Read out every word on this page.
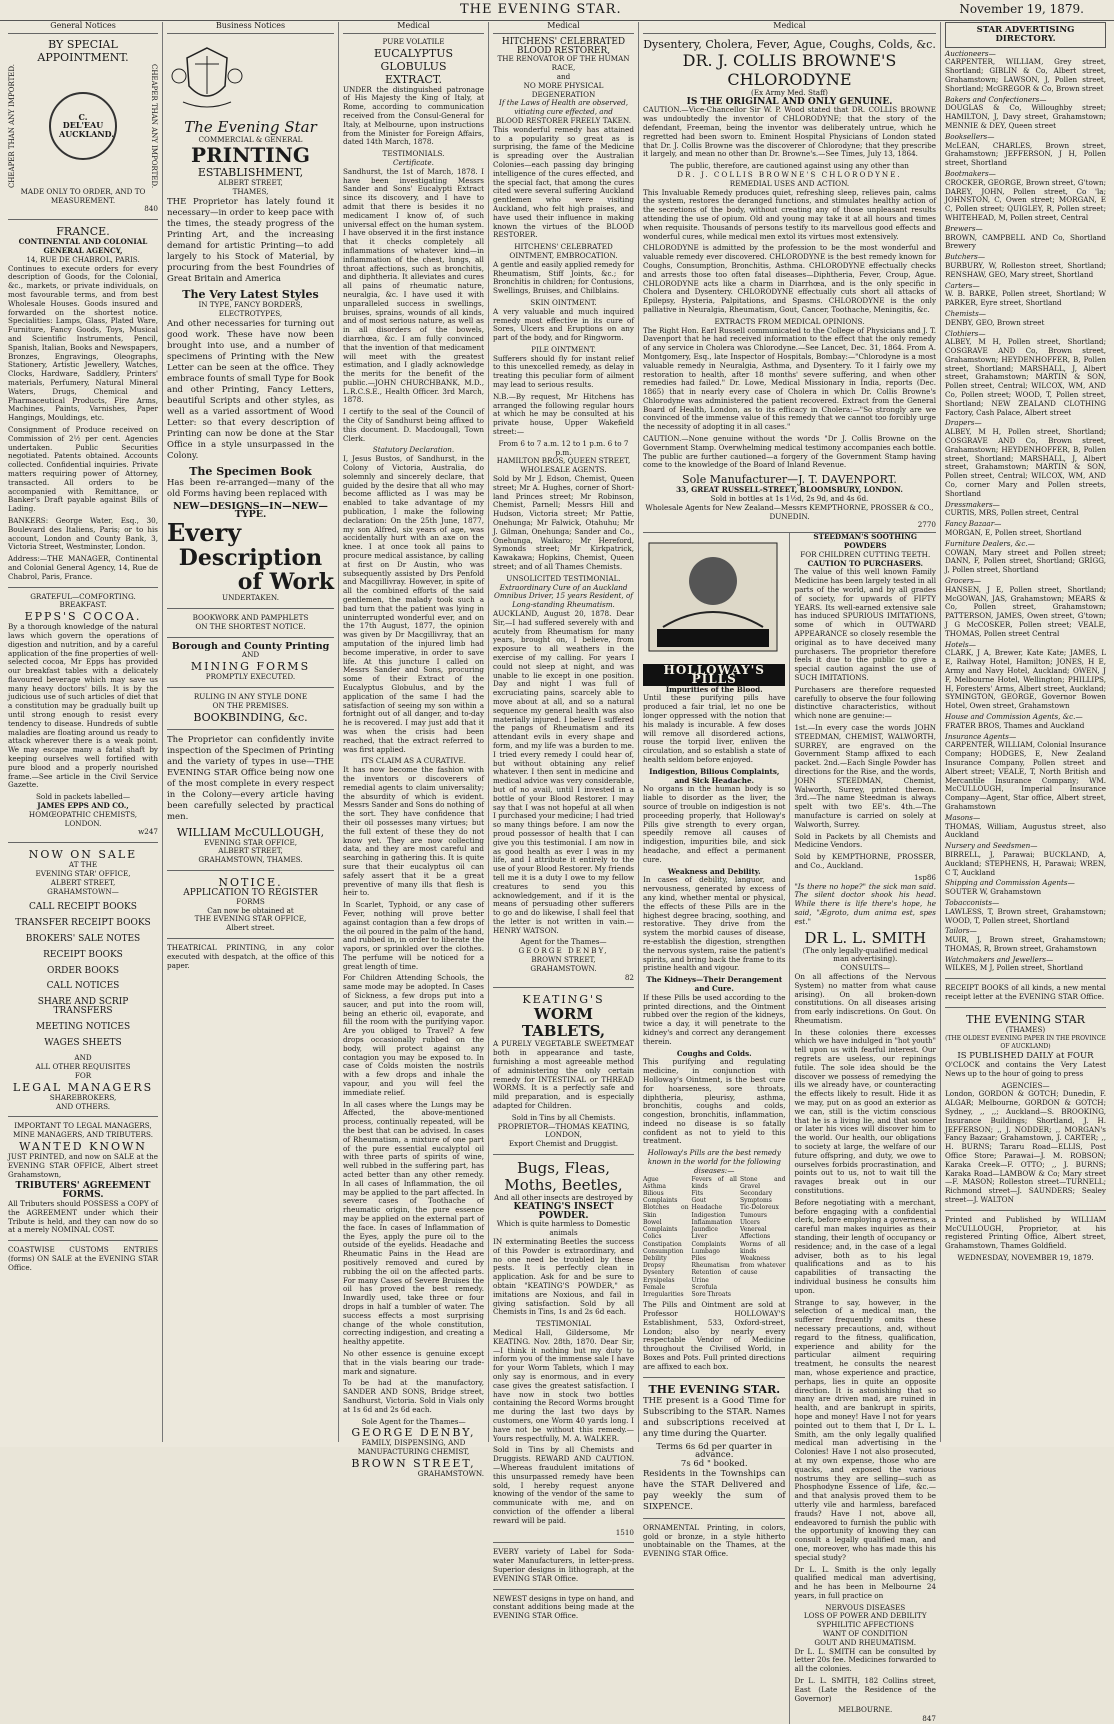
THE EVENING STAR.	November 19, 1879.
General Notices
BY SPECIAL APPOINTMENT.
CHEAPER THAN ANY IMPORTED.	C. DEL'EAU AUCKLAND.	CHEAPER THAN ANY IMPORTED.
MADE ONLY TO ORDER, AND TO MEASUREMENT.
840
FRANCE.
CONTINENTAL AND COLONIAL GENERAL AGENCY,
14, RUE DE CHABROL, PARIS.

Continues to execute orders for every description of Goods, for the Colonial, &c., markets, or private individuals, on most favourable terms, and from best Wholesale Houses. Goods insured and forwarded on the shortest notice. Specialities: Lamps, Glass, Plated Ware, Furniture, Fancy Goods, Toys, Musical and Scientific Instruments, Pencil, Spanish, Italian, Books and Newspapers, Bronzes, Engravings, Oleographs, Stationery, Artistic Jewellery, Watches, Clocks, Hardware, Saddlery, Printers' materials, Perfumery, Natural Mineral Waters, Drugs, Chemical and Pharmaceutical Products, Fire Arms, Machines, Paints, Varnishes, Paper Hangings, Mouldings, etc.

Consignment of Produce received on Commission of 2½ per cent. Agencies undertaken. Public Securities negotiated. Patents obtained. Accounts collected. Confidential inquiries. Private matters requiring power of Attorney, transacted. All orders to be accompanied with Remittance, or Banker's Draft payable against Bills of Lading.

BANKERS: George Water, Esq., 30, Boulevard des Italiens, Paris; or to his account, London and County Bank, 3, Victoria Street, Westminster, London.

Address:—THE MANAGER, Continental and Colonial General Agency, 14, Rue de Chabrol, Paris, France.

GRATEFUL—COMFORTING.
BREAKFAST.
EPPS'S COCOA.

By a thorough knowledge of the natural laws which govern the operations of digestion and nutrition, and by a careful application of the fine properties of well-selected cocoa, Mr Epps has provided our breakfast tables with a delicately flavoured beverage which may save us many heavy doctors' bills. It is by the judicious use of such articles of diet that a constitution may be gradually built up until strong enough to resist every tendency to disease. Hundreds of subtle maladies are floating around us ready to attack wherever there is a weak point. We may escape many a fatal shaft by keeping ourselves well fortified with pure blood and a properly nourished frame.—See article in the Civil Service Gazette.

Sold in packets labelled—
JAMES EPPS AND CO.,
HOMŒOPATHIC CHEMISTS,
LONDON.
w247
NOW ON SALE
AT THE
EVENING STAR' OFFICE,
ALBERT STREET,
GRAHAMSTOWN—
CALL RECEIPT BOOKS
TRANSFER RECEIPT BOOKS
BROKERS' SALE NOTES
RECEIPT BOOKS
ORDER BOOKS
CALL NOTICES
SHARE AND SCRIP TRANSFERS
MEETING NOTICES
WAGES SHEETS
AND
ALL OTHER REQUISITES
FOR
LEGAL MANAGERS
SHAREBROKERS,
AND OTHERS.
IMPORTANT TO LEGAL MANAGERS, MINE MANAGERS, AND TRIBUTERS.
WANTED KNOWN

JUST PRINTED, and now on SALE at the EVENING STAR OFFICE, Albert street Grahamstown,

TRIBUTERS' AGREEMENT FORMS.

All Tributers should POSSESS a COPY of the AGREEMENT under which their Tribute is held, and they can now do so at a merely NOMINAL COST.

COASTWISE CUSTOMS ENTRIES (forms) ON SALE at the EVENING STAR Office.

Business Notices
The Evening Star
COMMERCIAL & GENERAL
PRINTING
ESTABLISHMENT,
ALBERT STREET,
THAMES,

THE Proprietor has lately found it necessary—in order to keep pace with the times, the steady progress of the Printing Art, and the increasing demand for artistic Printing—to add largely to his Stock of Material, by procuring from the best Foundries of Great Britain and America

The Very Latest Styles
IN TYPE, FANCY BORDERS,
ELECTROTYPES,

And other necessaries for turning out good work. These have now been brought into use, and a number of specimens of Printing with the New Letter can be seen at the office. They embrace founts of small Type for Book and other Printing, Fancy Letters, beautiful Scripts and other styles, as well as a varied assortment of Wood Letter: so that every description of Printing can now be done at the Star Office in a style unsurpassed in the Colony.

The Specimen Book

Has been re-arranged—many of the old Forms having been replaced with

NEW—DESIGNS—IN—NEW—TYPE.
Every
Description
of Work
UNDERTAKEN.
BOOKWORK AND PAMPHLETS
ON THE SHORTEST NOTICE.
Borough and County Printing
AND
MINING FORMS
PROMPTLY EXECUTED.
RULING IN ANY STYLE DONE
ON THE PREMISES.
BOOKBINDING, &c.

The Proprietor can confidently invite inspection of the Specimen of Printing and the variety of types in use—THE EVENING STAR Office being now one of the most complete in every respect in the Colony—every article having been carefully selected by practical men.

WILLIAM McCULLOUGH,
EVENING STAR OFFICE,
ALBERT STREET,
GRAHAMSTOWN, THAMES.
NOTICE.
APPLICATION TO REGISTER
FORMS
Can now be obtained at
THE EVENING STAR OFFICE,
Albert street.

THEATRICAL PRINTING, in any color executed with despatch, at the office of this paper.

Medical
PURE VOLATILE
EUCALYPTUS GLOBULUS
EXTRACT.

UNDER the distinguished patronage of His Majesty the King of Italy, at Rome, according to communication received from the Consul-General for Italy, at Melbourne, upon instructions from the Minister for Foreign Affairs, dated 14th March, 1878.

TESTIMONIALS.
Certificate.

Sandhurst, the 1st of March, 1878. I have been investigating Messrs Sander and Sons' Eucalypti Extract since its discovery, and I have to admit that there is besides it no medicament I know of, of such universal effect on the human system. I have observed it in the first instance that it checks completely all inflammations of whatever kind—in inflammation of the chest, lungs, all throat affections, such as bronchitis, and diphtheria. It alleviates and cures all pains of rheumatic nature, neuralgia, &c. I have used it with unparalleled success in swellings, bruises, sprains, wounds of all kinds, and of most serious nature, as well as in all disorders of the bowels, diarrhœa, &c. I am fully convinced that the invention of that medicament will meet with the greatest estimation, and I gladly acknowledge the merits for the benefit of the public.—JOHN CHURCHBANK, M.D., L.R.C.S.E., Health Officer. 3rd March, 1878.

I certify to the seal of the Council of the City of Sandhurst being affixed to this document. D. Macdougall, Town Clerk.

Statutory Declaration.

I, Jesus Bustos, of Sandhurst, in the Colony of Victoria, Australia, do solemnly and sincerely declare, that guided by the desire that all who may become afflicted as I was may be enabled to take advantage of my publication, I make the following declaration: On the 25th June, 1877, my son Alfred, six years of age, was accidentally hurt with an axe on the knee. I at once took all pains to procure medical assistance, by calling at first on Dr Austin, who was subsequently assisted by Drs Penfold and Macgillivray. However, in spite of all the combined efforts of the said gentlemen, the malady took such a bad turn that the patient was lying in uninterrupted wonderful ever, and on the 17th August, 1877, the opinion was given by Dr Macgillivray, that an amputation of the injured limb had become imperative, in order to save life. At this juncture I called on Messrs Sander and Sons, procuring some of their Extract of the Eucalyptus Globulus, and by the application of the same I had the satisfaction of seeing my son within a fortnight out of all danger, and to-day he is recovered. I may just add that it was when the crisis had been reached, that the extract referred to was first applied.

ITS CLAIM AS A CURATIVE.

It has now become the fashion with the inventors or discoverers of remedial agents to claim universality; the absurdity of which is evident. Messrs Sander and Sons do nothing of the sort. They have confidence that their oil possesses many virtues; but the full extent of these they do not know yet. They are now collecting data, and they are most careful and searching in gathering this. It is quite sure that their eucalyptus oil can safely assert that it be a great preventive of many ills that flesh is heir to.

In Scarlet, Typhoid, or any case of Fever, nothing will prove better against contagion than a few drops of the oil poured in the palm of the hand, and rubbed in, in order to liberate the vapors, or sprinkled over the clothes. The perfume will be noticed for a great length of time.

For Children Attending Schools, the same mode may be adopted. In Cases of Sickness, a few drops put into a saucer, and put into the room will, being an etheric oil, evaporate, and fill the room with the purifying vapor. Are you obliged to Travel? A few drops occasionally rubbed on the body, will protect against any contagion you may be exposed to. In case of Colds moisten the nostrils with a few drops and inhale the vapour, and you will feel the immediate relief.

In all cases where the Lungs may be Affected, the above-mentioned process, continually repeated, will be the best that can be advised. In cases of Rheumatism, a mixture of one part of the pure essential eucalyptol oil with three parts of spirits of wine, well rubbed in the suffering part, has acted better than any other remedy. In all cases of Inflammation, the oil may be applied to the part affected. In severe cases of Toothache of rheumatic origin, the pure essence may be applied on the external part of the face. In cases of Inflammation of the Eyes, apply the pure oil to the outside of the eyelids. Headache and Rheumatic Pains in the Head are positively removed and cured by rubbing the oil on the affected parts. For many Cases of Severe Bruises the oil has proved the best remedy. Inwardly used, take three or four drops in half a tumbler of water. The success effects a most surprising change of the whole constitution, correcting indigestion, and creating a healthy appetite.

No other essence is genuine except that in the vials bearing our trade-mark and signature.

To be had at the manufactory, SANDER AND SONS, Bridge street, Sandhurst, Victoria. Sold in Vials only at 1s 6d and 2s 6d each.

Sole Agent for the Thames—
GEORGE DENBY,
FAMILY, DISPENSING, AND MANUFACTURING CHEMIST,
BROWN STREET,
GRAHAMSTOWN.
Medical
HITCHENS' CELEBRATED BLOOD RESTORER,
THE RENOVATOR OF THE HUMAN RACE,
and
NO MORE PHYSICAL DEGENERATION
If the Laws of Health are observed, vitiating cure effected, and
BLOOD RESTORER FREELY TAKEN.

This wonderful remedy has attained to a popularity so great as is surprising, the fame of the Medicine is spreading over the Australian Colonies—each passing day bringing intelligence of the cures effected, and the special fact, that among the cures cited were several suffering Auckland gentlemen who were visiting Auckland, who felt high praises, and have used their influence in making known the virtues of the BLOOD RESTORER.

HITCHENS' CELEBRATED OINTMENT, EMBROCATION.

A gentle and easily applied remedy for Rheumatism, Stiff Joints, &c.; for Bronchitis in children; for Contusions, Swellings, Bruises, and Chilblains.

SKIN OINTMENT.

A very valuable and much inquired remedy most effective in its cure of Sores, Ulcers and Eruptions on any part of the body, and for Ringworm.

PILE OINTMENT.

Sufferers should fly for instant relief to this unexcelled remedy, as delay in treating this peculiar form of ailment may lead to serious results.

N.B.—By request, Mr Hitchens has arranged the following regular hours at which he may be consulted at his private house, Upper Wakefield street:—

From 6 to 7 a.m. 12 to 1 p.m. 6 to 7 p.m.
HAMILTON BROS, QUEEN STREET, WHOLESALE AGENTS.

Sold by Mr J. Edson, Chemist, Queen street; Mr A. Hughes, corner of Short-land Princes street; Mr Robinson, Chemist, Parnell; Messrs Hill and Hudson, Victoria street; Mr Pattie, Onehunga; Mr Falwick, Otahuhu; Mr J. Gilman, Onehunga; Sander and Co., Onehunga, Waikaro; Mr Hereford, Symonds street; Mr Kirkpatrick, Kawakawa; Hopkins, Chemist, Queen street; and of all Thames Chemists.

UNSOLICITED TESTIMONIAL.
Extraordinary Cure of an Auckland Omnibus Driver, 15 years Resident, of Long-standing Rheumatism.

AUCKLAND, August 20, 1878. Dear Sir,—I had suffered severely with and acutely from Rheumatism for many years, brought on, I believe, from exposure to all weathers in the exercise of my calling. For years I could not sleep at night, and was unable to lie except in one position. Day and night I was full of excruciating pains, scarcely able to move about at all, and so a natural sequence my general health was also materially injured. I believe I suffered the pangs of Rheumatism and its attendant evils in every shape and form, and my life was a burden to me. I tried every remedy I could hear of, but without obtaining any relief whatever. I then sent in medicine and medical advice was very considerable, but of no avail, until I invested in a bottle of your Blood Restorer. I may say that I was not hopeful at all when I purchased your medicine; I had tried so many things before. I am now the proud possessor of health that I can give you this testimonial. I am now in as good health as ever I was in my life, and I attribute it entirely to the use of your Blood Restorer. My friends tell me it is a duty I owe to my fellow creatures to send you this acknowledgement, and if it is the means of persuading other sufferers to go and do likewise, I shall feel that the letter is not written in vain.—HENRY WATSON.

Agent for the Thames—
GEORGE DENBY,
BROWN STREET,
GRAHAMSTOWN.
82
KEATING'S
WORM TABLETS,

A PURELY VEGETABLE SWEETMEAT both in appearance and taste, furnishing a most agreeable method of administering the only certain remedy for INTESTINAL or THREAD WORMS. It is a perfectly safe and mild preparation, and is especially adapted for Children.

Sold in Tins by all Chemists.
PROPRIETOR—THOMAS KEATING,
LONDON,
Export Chemist and Druggist.
Bugs, Fleas, Moths, Beetles,
And all other insects are destroyed by
KEATING'S INSECT POWDER.
Which is quite harmless to Domestic animals

IN exterminating Beetles the success of this Powder is extraordinary, and no one need be troubled by these pests. It is perfectly clean in application. Ask for and be sure to obtain "KEATING'S POWDER," as imitations are Noxious, and fail in giving satisfaction. Sold by all Chemists in Tins, 1s and 2s 6d each.

TESTIMONIAL

Medical Hall, Gildersome, Mr KEATING. Nov. 28th, 1870. Dear Sir,—I think it nothing but my duty to inform you of the immense sale I have for your Worm Tablets, which I may only say is enormous, and in every case gives the greatest satisfaction. I have now in stock two bottles containing the Record Worms brought me during the last two days by customers, one Worm 40 yards long. I have not be without this remedy.—Yours respectfully, M. A. WALKER.

Sold in Tins by all Chemists and Druggists. REWARD AND CAUTION.—Whereas fraudulent imitations of this unsurpassed remedy have been sold, I hereby request anyone knowing of the vendor of the same to communicate with me, and on conviction of the offender a liberal reward will be paid.

1510

EVERY variety of Label for Soda-water Manufacturers, in letter-press. Superior designs in lithograph, at the EVENING STAR Office.

NEWEST designs in type on hand, and constant additions being made at the EVENING STAR Office.

Medical
Dysentery, Cholera, Fever, Ague, Coughs, Colds, &c.
DR. J. COLLIS BROWNE'S CHLORODYNE
(Ex Army Med. Staff)
IS THE ORIGINAL AND ONLY GENUINE.

CAUTION.—Vice-Chancellor Sir W. P. Wood stated that DR. COLLIS BROWNE was undoubtedly the inventor of CHLORODYNE; that the story of the defendant, Freeman, being the inventor was deliberately untrue, which he regretted had been sworn to. Eminent Hospital Physicians of London stated that Dr. J. Collis Browne was the discoverer of Chlorodyne; that they prescribe it largely, and mean no other than Dr. Browne's.—See Times, July 13, 1864.

The public, therefore, are cautioned against using any other than
DR. J. COLLIS BROWNE'S CHLORODYNE.
REMEDIAL USES AND ACTION.

This Invaluable Remedy produces quiet, refreshing sleep, relieves pain, calms the system, restores the deranged functions, and stimulates healthy action of the secretions of the body, without creating any of those unpleasant results attending the use of opium. Old and young may take it at all hours and times when requisite. Thousands of persons testify to its marvellous good effects and wonderful cures, while medical men extol its virtues most extensively.

CHLORODYNE is admitted by the profession to be the most wonderful and valuable remedy ever discovered. CHLORODYNE is the best remedy known for Coughs, Consumption, Bronchitis, Asthma. CHLORODYNE effectually checks and arrests those too often fatal diseases—Diphtheria, Fever, Croup, Ague. CHLORODYNE acts like a charm in Diarrhœa, and is the only specific in Cholera and Dysentery. CHLORODYNE effectually cuts short all attacks of Epilepsy, Hysteria, Palpitations, and Spasms. CHLORODYNE is the only palliative in Neuralgia, Rheumatism, Gout, Cancer, Toothache, Meningitis, &c.

EXTRACTS FROM MEDICAL OPINIONS.

The Right Hon. Earl Russell communicated to the College of Physicians and J. T. Davenport that he had received information to the effect that the only remedy of any service in Cholera was Chlorodyne.—See Lancet, Dec. 31, 1864. From A. Montgomery, Esq., late Inspector of Hospitals, Bombay:—"Chlorodyne is a most valuable remedy in Neuralgia, Asthma, and Dysentery. To it I fairly owe my restoration to health, after 18 months' severe suffering, and when other remedies had failed." Dr. Lowe, Medical Missionary in India, reports (Dec. 1865) that in nearly every case of Cholera in which Dr. Collis Browne's Chlorodyne was administered the patient recovered. Extract from the General Board of Health, London, as to its efficacy in Cholera:—"So strongly are we convinced of the immense value of this remedy that we cannot too forcibly urge the necessity of adopting it in all cases."

CAUTION.—None genuine without the words "Dr J. Collis Browne on the Government Stamp. Overwhelming medical testimony accompanies each bottle. The public are further cautioned—a forgery of the Government Stamp having come to the knowledge of the Board of Inland Revenue.

Sole Manufacturer—J. T. DAVENPORT.
33, GREAT RUSSELL-STREET, BLOOMSBURY, LONDON.
Sold in bottles at 1s 1½d, 2s 9d, and 4s 6d.
Wholesale Agents for New Zealand—Messrs KEMPTHORNE, PROSSER & CO., DUNEDIN.
2770
HOLLOWAY'S PILLS
Impurities of the Blood.

Until these purifying pills have produced a fair trial, let no one be longer oppressed with the notion that his malady is incurable. A few doses will remove all disordered actions, rouse the torpid liver, enliven the circulation, and so establish a state of health seldom before enjoyed.

Indigestion, Bilious Complaints, and Sick Headache.

No organs in the human body is so liable to disorder as the liver, the source of trouble on indigestion is not proceeding properly, that Holloway's Pills give strength to every organ, speedily remove all causes of indigestion, impurities bile, and sick headache, and effect a permanent cure.

Weakness and Debility.

In cases of debility, languor, and nervousness, generated by excess of any kind, whether mental or physical, the effects of these Pills are in the highest degree bracing, soothing, and restorative. They drive from the system the morbid causes of disease, re-establish the digestion, strengthen the nervous system, raise the patient's spirits, and bring back the frame to its pristine health and vigour.

The Kidneys—Their Derangement and Cure.

If these Pills be used according to the printed directions, and the Ointment rubbed over the region of the kidneys, twice a day, it will penetrate to the kidney's and correct any derangement therein.

Coughs and Colds.

This purifying and regulating medicine, in conjunction with Holloway's Ointment, is the best cure for hoarseness, sore throats, diphtheria, pleurisy, asthma, bronchitis, coughs and colds, congestion, bronchitis, inflammation, indeed no disease is so fatally confident as not to yield to this treatment.

Holloway's Pills are the best remedy known in the world for the following diseases:—
Ague
Asthma
Bilious Complaints
Blotches on Skin
Bowel Complaints
Colics
Constipation
Consumption
Debility
Dropsy
Dysentery
Erysipelas
Female Irregularities
Fevers of all kinds
Fits
Gout
Headache
Indigestion
Inflammation
Jaundice
Liver Complaints
Lumbago
Piles
Rheumatism
Retention of Urine
Scrofula
Sore Throats
Stone and Gravel
Secondary Symptoms
Tic-Doloreux
Tumours
Ulcers
Venereal Affections
Worms of all kinds
Weakness from whatever cause

The Pills and Ointment are sold at Professor HOLLOWAY'S Establishment, 533, Oxford-street, London; also by nearly every respectable Vendor of Medicine throughout the Civilised World, in Boxes and Pots. Full printed directions are affixed to each box.

THE EVENING STAR.

THE present is a Good Time for Subscribing to the STAR. Names and subscriptions received at any time during the Quarter.

Terms 6s 6d per quarter in advance.
7s 6d " booked.

Residents in the Townships can have the STAR Delivered and pay weekly the sum of SIXPENCE.

ORNAMENTAL Printing, in colors, gold or bronze, in a style hitherto unobtainable on the Thames, at the EVENING STAR Office.

STEEDMAN'S SOOTHING POWDERS
FOR CHILDREN CUTTING TEETH.
CAUTION TO PURCHASERS.

The value of this well known Family Medicine has been largely tested in all parts of the world, and by all grades of society, for upwards of FIFTY YEARS. Its well-earned extensive sale has induced SPURIOUS IMITATIONS, some of which in OUTWARD APPEARANCE so closely resemble the original as to have deceived many purchasers. The proprietor therefore feels it due to the public to give a special caution against the use of SUCH IMITATIONS.

Purchasers are therefore requested carefully to observe the four following distinctive characteristics, without which none are genuine:—

1st.—In every case the words JOHN STEEDMAN, CHEMIST, WALWORTH, SURREY, are engraved on the Government Stamp affixed to each packet. 2nd.—Each Single Powder has directions for the Rise, and the words, JOHN STEEDMAN, Chemist, Walworth, Surrey, printed thereon. 3rd.—The name Steedman is always spelt with two EE's. 4th.—The manufacture is carried on solely at Walworth, Surrey.

Sold in Packets by all Chemists and Medicine Vendors.

Sold by KEMPTHORNE, PROSSER, and Co., Auckland.

1sp86

"Is there no hope?" the sick man said. The silent doctor shook his head. While there is life there's hope, he said, "Ægroto, dum anima est, spes est."

DR L. L. SMITH
(The only legally-qualified medical man advertising).
CONSULTS—

On all affections of the Nervous System) no matter from what cause arising). On all broken-down constitutions. On all diseases arising from early indiscretions. On Gout. On Rheumatism.

In these colonies there excesses which we have indulged in "hot youth" tell upon us with fearful interest. Our regrets are useless, our repinings futile. The sole idea should be the discover we possess of remedying the ills we already have, or counteracting the effects likely to result. Hide it as we may, put on as good an exterior as we can, still is the victim conscious that he is a living lie, and that sooner or later his vices will discover him to the world. Our health, our obligations to society at large, the welfare of our future offspring, and duty, we owe to ourselves forbids procrastination, and points out to us, not to wait till the ravages break out in our constitutions.

Before negotiating with a merchant, before engaging with a confidential clerk, before employing a governess, a careful man makes inquiries as their standing, their length of occupancy or residence; and, in the case of a legal adviser, both as to his legal qualifications and as to his capabilities of transacting the individual business he consults him upon.

Strange to say, however, in the selection of a medical man, the sufferer frequently omits these necessary precautions, and, without regard to the fitness, qualification, experience and ability for the particular ailment requiring treatment, he consults the nearest man, whose experience and practice, perhaps, lies in quite an opposite direction. It is astonishing that so many are driven mad, are ruined in health, and are bankrupt in spirits, hope and money! Have I not for years pointed out to them that I, Dr L. L. Smith, am the only legally qualified medical man advertising in the Colonies! Have I not also prosecuted, at my own expense, those who are quacks, and exposed the various nostrums they are selling—such as Phosphodyne Essence of Life, &c.—and that analysis proved them to be utterly vile and harmless, barefaced frauds? Have I not, above all, endeavored to furnish the public with the opportunity of knowing they can consult a legally qualified man, and one, moreover, who has made this his special study?

Dr L. L. Smith is the only legally qualified medical man advertising, and he has been in Melbourne 24 years, in full practice on

NERVOUS DISEASES
LOSS OF POWER AND DEBILITY
SYPHILITIC AFFECTIONS
WANT OF CONDITION
GOUT AND RHEUMATISM.

Dr L. L. SMITH can be consulted by letter 20s fee. Medicines forwarded to all the colonies.

Dr L. L. SMITH, 182 Collins street, East (Late the Residence of the Governor)

MELBOURNE.
847
STAR ADVERTISING DIRECTORY.
Auctioneers—
CARPENTER, WILLIAM, Grey street, Shortland; GIBLIN & Co, Albert street, Grahamstown; LAWSON, J, Pollen street, Shortland; McGREGOR & Co, Brown street
Bakers and Confectioners—
DOUGLAS & Co, Willoughby street; HAMILTON, J, Davy street, Grahamstown; MENNIE & DEY, Queen street
Booksellers—
McLEAN, CHARLES, Brown street, Grahamstown; JEFFERSON, J H, Pollen street, Shortland
Bootmakers—
CROCKER, GEORGE, Brown street, G'town; DAREY, JOHN, Pollen street, Co 'la; JOHNSTON, C, Owen street; MORGAN, E C, Pollen street; QUIGLEY, R, Pollen street; WHITEHEAD, M, Pollen street, Central
Brewers—
BROWN, CAMPBELL AND Co, Shortland Brewery
Butchers—
BURBURY, W, Rolleston street, Shortland; RENSHAW, GEO, Mary street, Shortland
Carters—
W. B. BARKE, Pollen street, Shortland; W PARKER, Eyre street, Shortland
Chemists—
DENBY, GEO, Brown street
Clothiers—
ALBEY, M H, Pollen street, Shortland; COSGRAVE AND Co, Brown street, Grahamstown; HEYDENHOFFER, B, Pollen street, Shortland; MARSHALL, J, Albert street, Grahamstown; MARTIN & SON, Pollen street, Central; WILCOX, WM, AND Co, Pollen street; WOOD, T, Pollen street, Shortland; NEW ZEALAND CLOTHING Factory, Cash Palace, Albert street
Drapers—
ALBEY, M H, Pollen street, Shortland; COSGRAVE AND Co, Brown street, Grahamstown; HEYDENHOFFER, B, Pollen street, Shortland; MARSHALL, J, Albert street, Grahamstown; MARTIN & SON, Pollen street, Central; WILCOX, WM, AND Co, corner Mary and Pollen streets, Shortland
Dressmakers—
CURTIS, MRS, Pollen street, Central
Fancy Bazaar—
MORGAN, E, Pollen street, Shortland
Furniture Dealers, &c.—
COWAN, Mary street and Pollen street; DANN, F, Pollen street, Shortland; GRIGG, J, Pollen street, Shortland
Grocers—
HANSEN, J E, Pollen street, Shortland; McGOWAN, JAS, Grahamstown; MEARS & Co, Pollen street, Grahamstown; PATTERSON, JAMES, Owen street, G'town; J G McCOSKER, Pollen street; VEALE, THOMAS, Pollen street Central
Hotels—
CLARK, J A, Brewer, Kate Kate; JAMES, L E, Railway Hotel, Hamilton; JONES, H E, Army and Navy Hotel, Auckland; OWEN, J F, Melbourne Hotel, Wellington; PHILLIPS, H, Foresters' Arms, Albert street, Auckland; SYMINGTON, GEORGE, Governor Bowen Hotel, Owen street, Grahamstown
House and Commission Agents, &c.—
FRATER BROS, Thames and Auckland
Insurance Agents—
CARPENTER, WILLIAM, Colonial Insurance Company; HODGES, E, New Zealand Insurance Company, Pollen street and Albert street; VEALE, T, North British and Mercantile Insurance Company; WM. McCULLOUGH, Imperial Insurance Company—Agent, Star office, Albert street, Grahamstown
Masons—
THOMAS, William, Augustus street, also Auckland
Nursery and Seedsmen—
BIRRELL, J, Parawai; BUCKLAND, A, Auckland; STEPHENS, H, Parawai; WREN, C T, Auckland
Shipping and Commission Agents—
SOUTER W, Grahamstown
Tobacconists—
LAWLESS, T, Brown street, Grahamstown; WOOD, T, Pollen street, Shortland
Tailors—
MUIR, J, Brown street, Grahamstown; THOMAS, R, Brown street, Grahamstown
Watchmakers and Jewellers—
WILKES, M J, Pollen street, Shortland

RECEIPT BOOKS of all kinds, a new mental receipt letter at the EVENING STAR Office.

THE EVENING STAR
(THAMES)
(THE OLDEST EVENING PAPER IN THE PROVINCE OF AUCKLAND)
IS PUBLISHED DAILY at FOUR

O'CLOCK and contains the Very Latest News up to the hour of going to press

AGENCIES—

London, GORDON & GOTCH; Dunedin, F. ALGAR; Melbourne, GORDON & GOTCH; Sydney, ,, ,,; Auckland—S. BROOKING, Insurance Buildings; Shortland, J. H. JEFFERSON; ,, J. NODDER; ,, MORGAN's Fancy Bazaar; Grahamstown, J. CARTER; ,, H. BURNS; Tararu Road—ELLIS, Post Office Store; Parawai—J. M. ROBSON; Karaka Creek—F. OTTO; ,, J. BURNS; Karaka Road—LAMBOW & Co; Mary street—F. MASON; Rolleston street—TURNELL; Richmond street—J. SAUNDERS; Sealey street—J. WALTON

Printed and Published by WILLIAM McCULLOUGH, Proprietor, at his registered Printing Office, Albert street, Grahamstown, Thames Goldfield.

WEDNESDAY, NOVEMBER 19, 1879.
